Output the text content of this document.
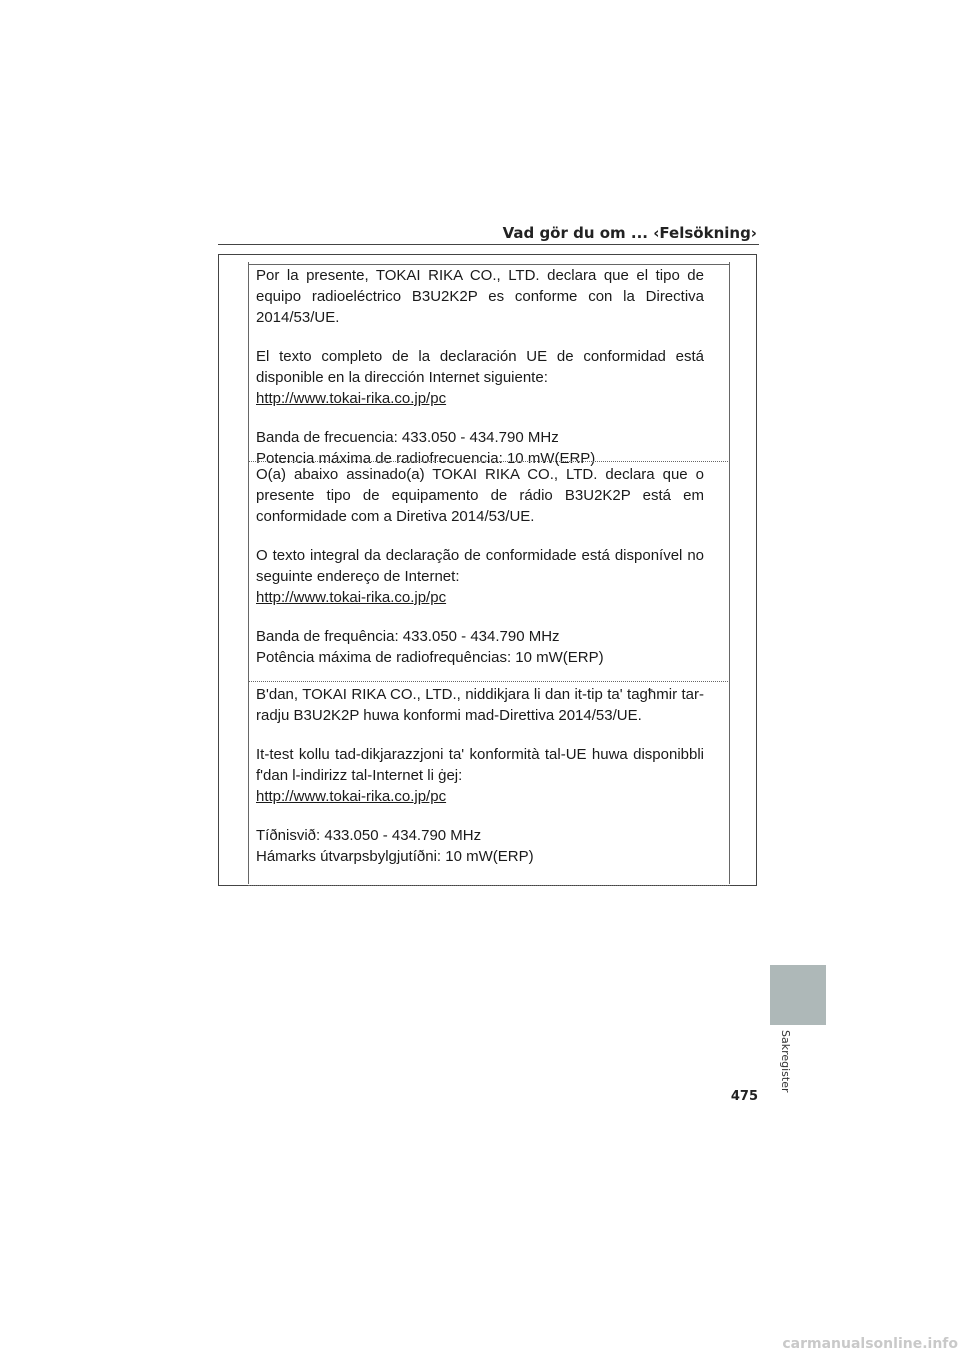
Vad gör du om ... ‹Felsökning›

Por la presente, TOKAI RIKA CO., LTD. declara que el tipo de equipo radioeléctrico B3U2K2P es conforme con la Directiva 2014/53/UE.

El texto completo de la declaración UE de conformidad está disponible en la dirección Internet siguiente:

http://www.tokai-rika.co.jp/pc

Banda de frecuencia: 433.050 - 434.790 MHz

Potencia máxima de radiofrecuencia: 10 mW(ERP)

O(a) abaixo assinado(a) TOKAI RIKA CO., LTD. declara que o presente tipo de equipamento de rádio B3U2K2P está em conformidade com a Diretiva 2014/53/UE.

O texto integral da declaração de conformidade está disponível no seguinte endereço de Internet:

http://www.tokai-rika.co.jp/pc

Banda de frequência: 433.050 - 434.790 MHz

Potência máxima de radiofrequências: 10 mW(ERP)

B'dan, TOKAI RIKA CO., LTD., niddikjara li dan it-tip ta' tagħmir tar-radju B3U2K2P huwa konformi mad-Direttiva 2014/53/UE.

It-test kollu tad-dikjarazzjoni ta' konformità tal-UE huwa disponibbli f'dan l-indirizz tal-Internet li ġej:

http://www.tokai-rika.co.jp/pc

Tíðnisvið: 433.050 - 434.790 MHz

Hámarks útvarpsbylgjutíðni: 10 mW(ERP)

Sakregister
475
carmanualsonline.info
